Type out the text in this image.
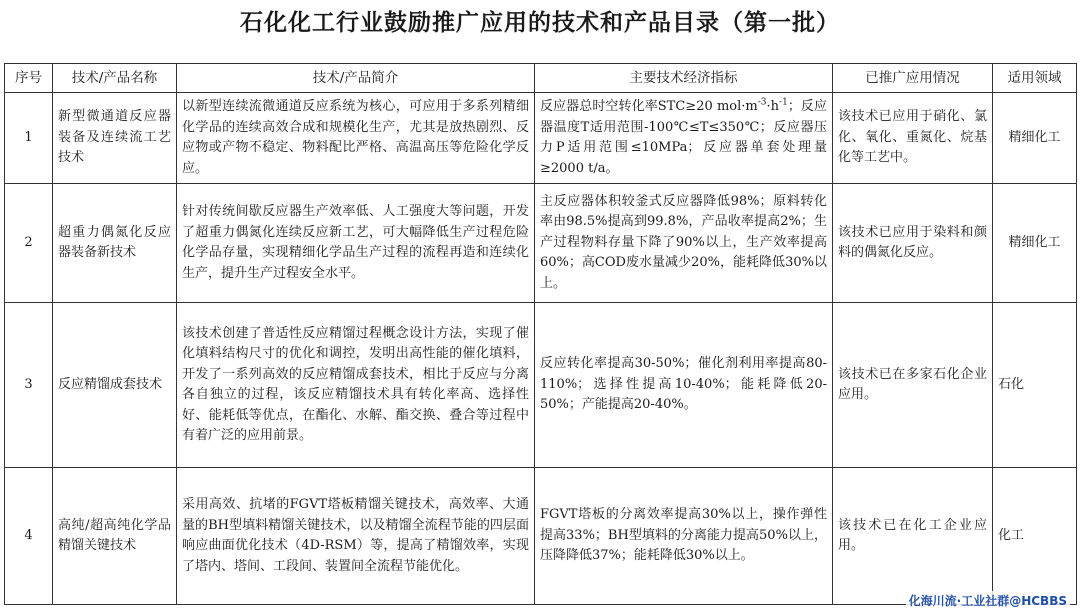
石化化工行业鼓励推广应用的技术和产品目录（第一批）
序号	技术/产品名称	技术/产品简介	主要技术经济指标	已推广应用情况	适用领域
1	新型微通道反应器装备及连续流工艺技术	以新型连续流微通道反应系统为核心，可应用于多系列精细化学品的连续高效合成和规模化生产，尤其是放热剧烈、反应物或产物不稳定、物料配比严格、高温高压等危险化学反应。	反应器总时空转化率STC≥20 $mol\cdot m^{-3}\cdot h^{-1}$；反应器温度T适用范围-100℃≤T≤350℃；反应器压力P适用范围≤10MPa；反应器单套处理量≥2000 t/a。	该技术已应用于硝化、氯化、氧化、重氮化、烷基化等工艺中。	精细化工
2	超重力偶氮化反应器装备新技术	针对传统间歇反应器生产效率低、人工强度大等问题，开发了超重力偶氮化连续反应新工艺，可大幅降低生产过程危险化学品存量，实现精细化学品生产过程的流程再造和连续化生产，提升生产过程安全水平。	主反应器体积较釜式反应器降低98%；原料转化率由98.5%提高到99.8%，产品收率提高2%；生产过程物料存量下降了90%以上，生产效率提高60%；高COD废水量减少20%，能耗降低30%以上。	该技术已应用于染料和颜料的偶氮化反应。	精细化工
3	反应精馏成套技术	该技术创建了普适性反应精馏过程概念设计方法，实现了催化填料结构尺寸的优化和调控，发明出高性能的催化填料，开发了一系列高效的反应精馏成套技术，相比于反应与分离各自独立的过程，该反应精馏技术具有转化率高、选择性好、能耗低等优点，在酯化、水解、酯交换、叠合等过程中有着广泛的应用前景。	反应转化率提高30-50%；催化剂利用率提高80-110%；选择性提高10-40%；能耗降低20-50%；产能提高20-40%。	该技术已在多家石化企业应用。	石化
4	高纯/超高纯化学品精馏关键技术	采用高效、抗堵的FGVT塔板精馏关键技术，高效率、大通量的BH型填料精馏关键技术，以及精馏全流程节能的四层面响应曲面优化技术（4D-RSM）等，提高了精馏效率，实现了塔内、塔间、工段间、装置间全流程节能优化。	FGVT塔板的分离效率提高30%以上，操作弹性提高33%；BH型填料的分离能力提高50%以上，压降降低37%；能耗降低30%以上。	该技术已在化工企业应用。	化工
化海川流·工业社群@HCBBS
